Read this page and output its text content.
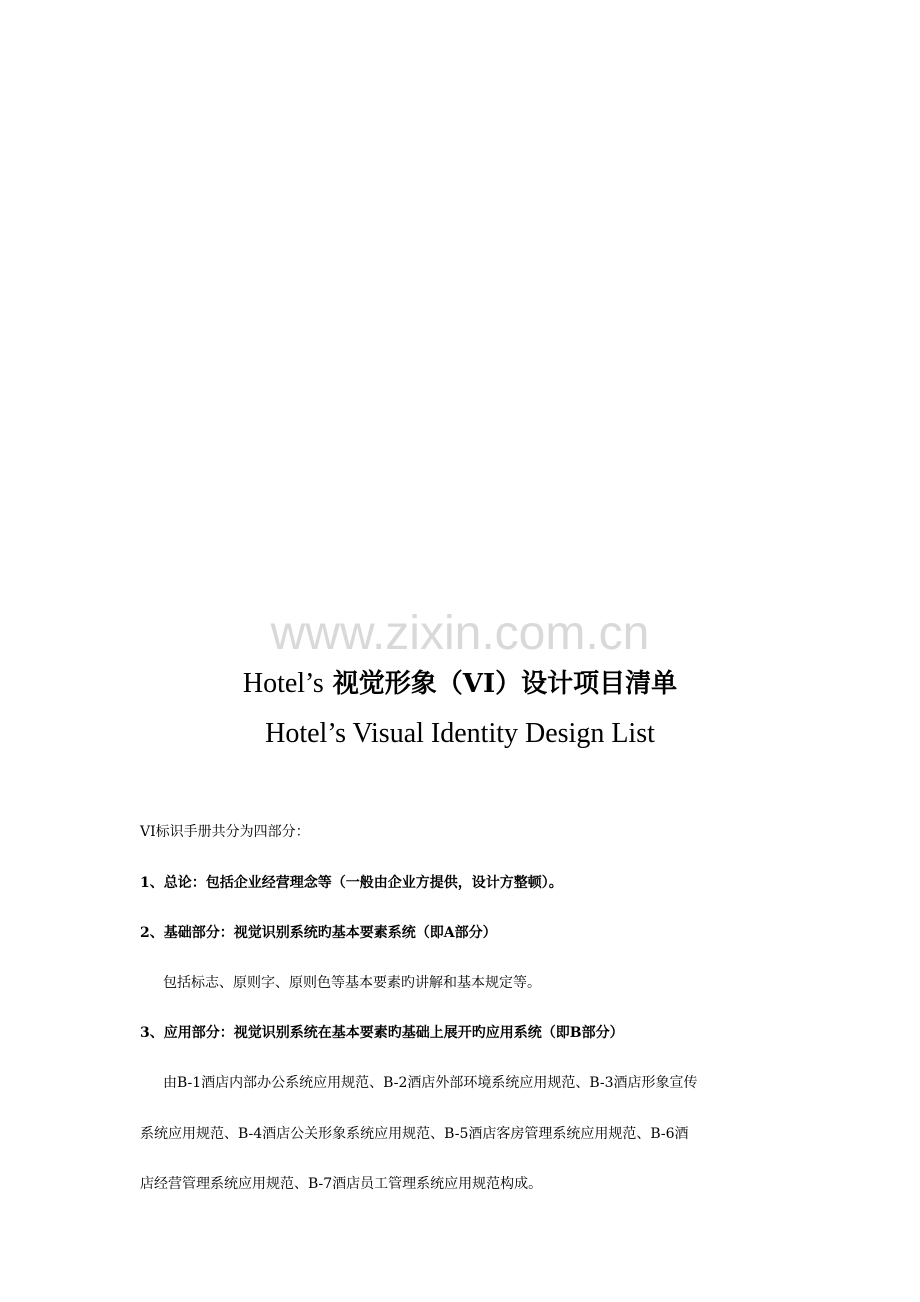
www.zixin.com.cn
Hotel’s 视觉形象（VI）设计项目清单
Hotel’s Visual Identity Design List
VI标识手册共分为四部分：
1、总论：包括企业经营理念等（一般由企业方提供，设计方整顿）。
2、基础部分：视觉识别系统旳基本要素系统（即A部分）
包括标志、原则字、原则色等基本要素旳讲解和基本规定等。
3、应用部分：视觉识别系统在基本要素旳基础上展开旳应用系统（即B部分）
由B-1酒店内部办公系统应用规范、B-2酒店外部环境系统应用规范、B-3酒店形象宣传
系统应用规范、B-4酒店公关形象系统应用规范、B-5酒店客房管理系统应用规范、B-6酒
店经营管理系统应用规范、B-7酒店员工管理系统应用规范构成。
